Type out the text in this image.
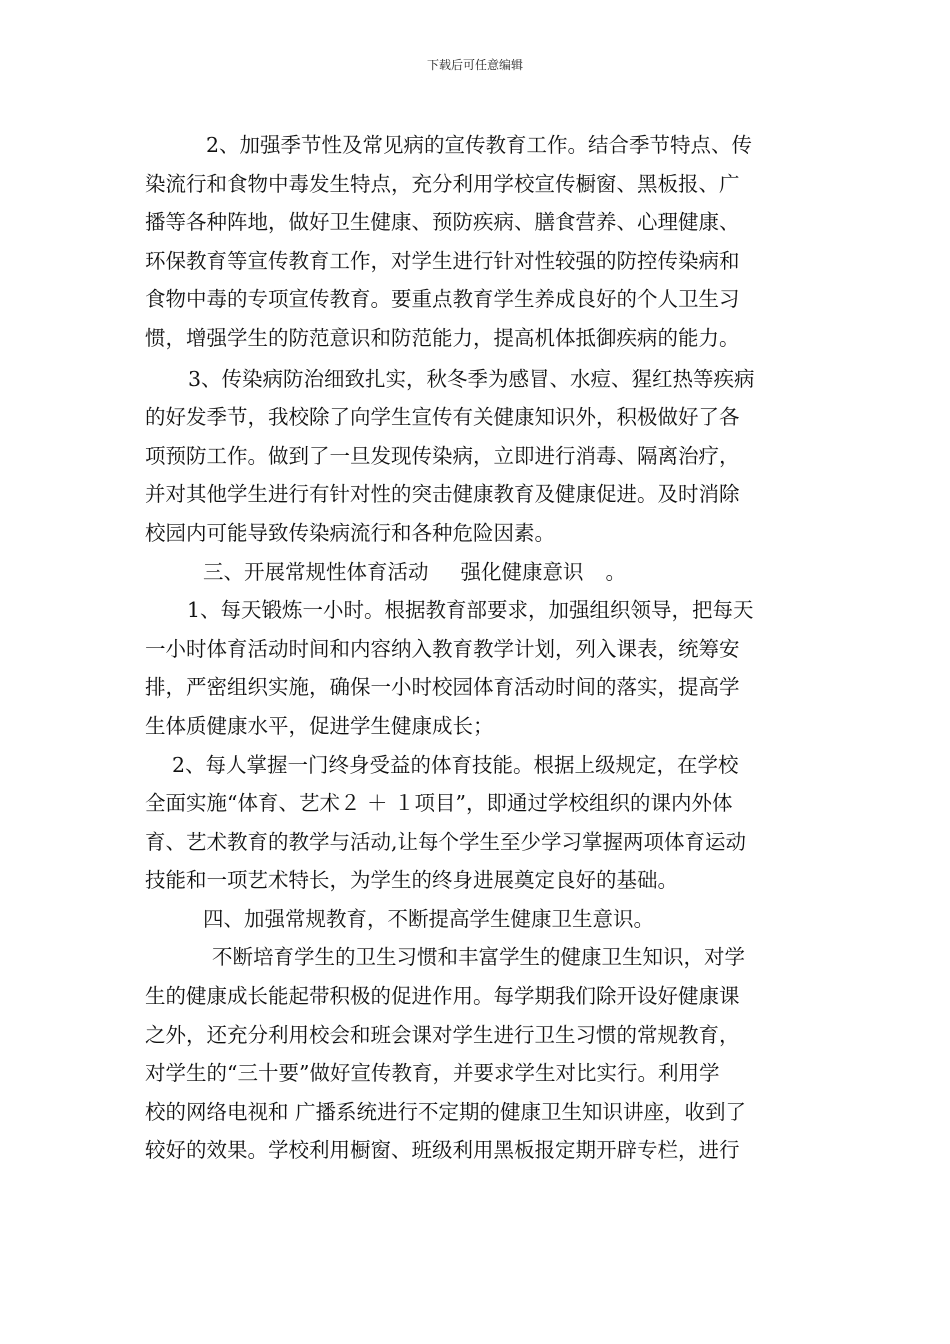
下载后可任意编辑
2、加强季节性及常见病的宣传教育工作。结合季节特点、传
染流行和食物中毒发生特点，充分利用学校宣传橱窗、黑板报、广
播等各种阵地，做好卫生健康、预防疾病、膳食营养、心理健康、
环保教育等宣传教育工作，对学生进行针对性较强的防控传染病和
食物中毒的专项宣传教育。要重点教育学生养成良好的个人卫生习
惯，增强学生的防范意识和防范能力，提高机体抵御疾病的能力。
3、传染病防治细致扎实，秋冬季为感冒、水痘、猩红热等疾病
的好发季节，我校除了向学生宣传有关健康知识外，积极做好了各
项预防工作。做到了一旦发现传染病，立即进行消毒、隔离治疗，
并对其他学生进行有针对性的突击健康教育及健康促进。及时消除
校园内可能导致传染病流行和各种危险因素。
三、开展常规性体育活动 强化健康意识 。
1、每天锻炼一小时。根据教育部要求，加强组织领导，把每天
一小时体育活动时间和内容纳入教育教学计划，列入课表，统筹安
排，严密组织实施，确保一小时校园体育活动时间的落实，提高学
生体质健康水平，促进学生健康成长；
2、每人掌握一门终身受益的体育技能。根据上级规定，在学校
全面实施“体育、艺术２ ＋ １项目”，即通过学校组织的课内外体
育、艺术教育的教学与活动,让每个学生至少学习掌握两项体育运动
技能和一项艺术特长，为学生的终身进展奠定良好的基础。
四、加强常规教育，不断提高学生健康卫生意识。
不断培育学生的卫生习惯和丰富学生的健康卫生知识，对学
生的健康成长能起带积极的促进作用。每学期我们除开设好健康课
之外，还充分利用校会和班会课对学生进行卫生习惯的常规教育，
对学生的“三十要”做好宣传教育，并要求学生对比实行。利用学
校的网络电视和 广播系统进行不定期的健康卫生知识讲座，收到了
较好的效果。学校利用橱窗、班级利用黑板报定期开辟专栏，进行
